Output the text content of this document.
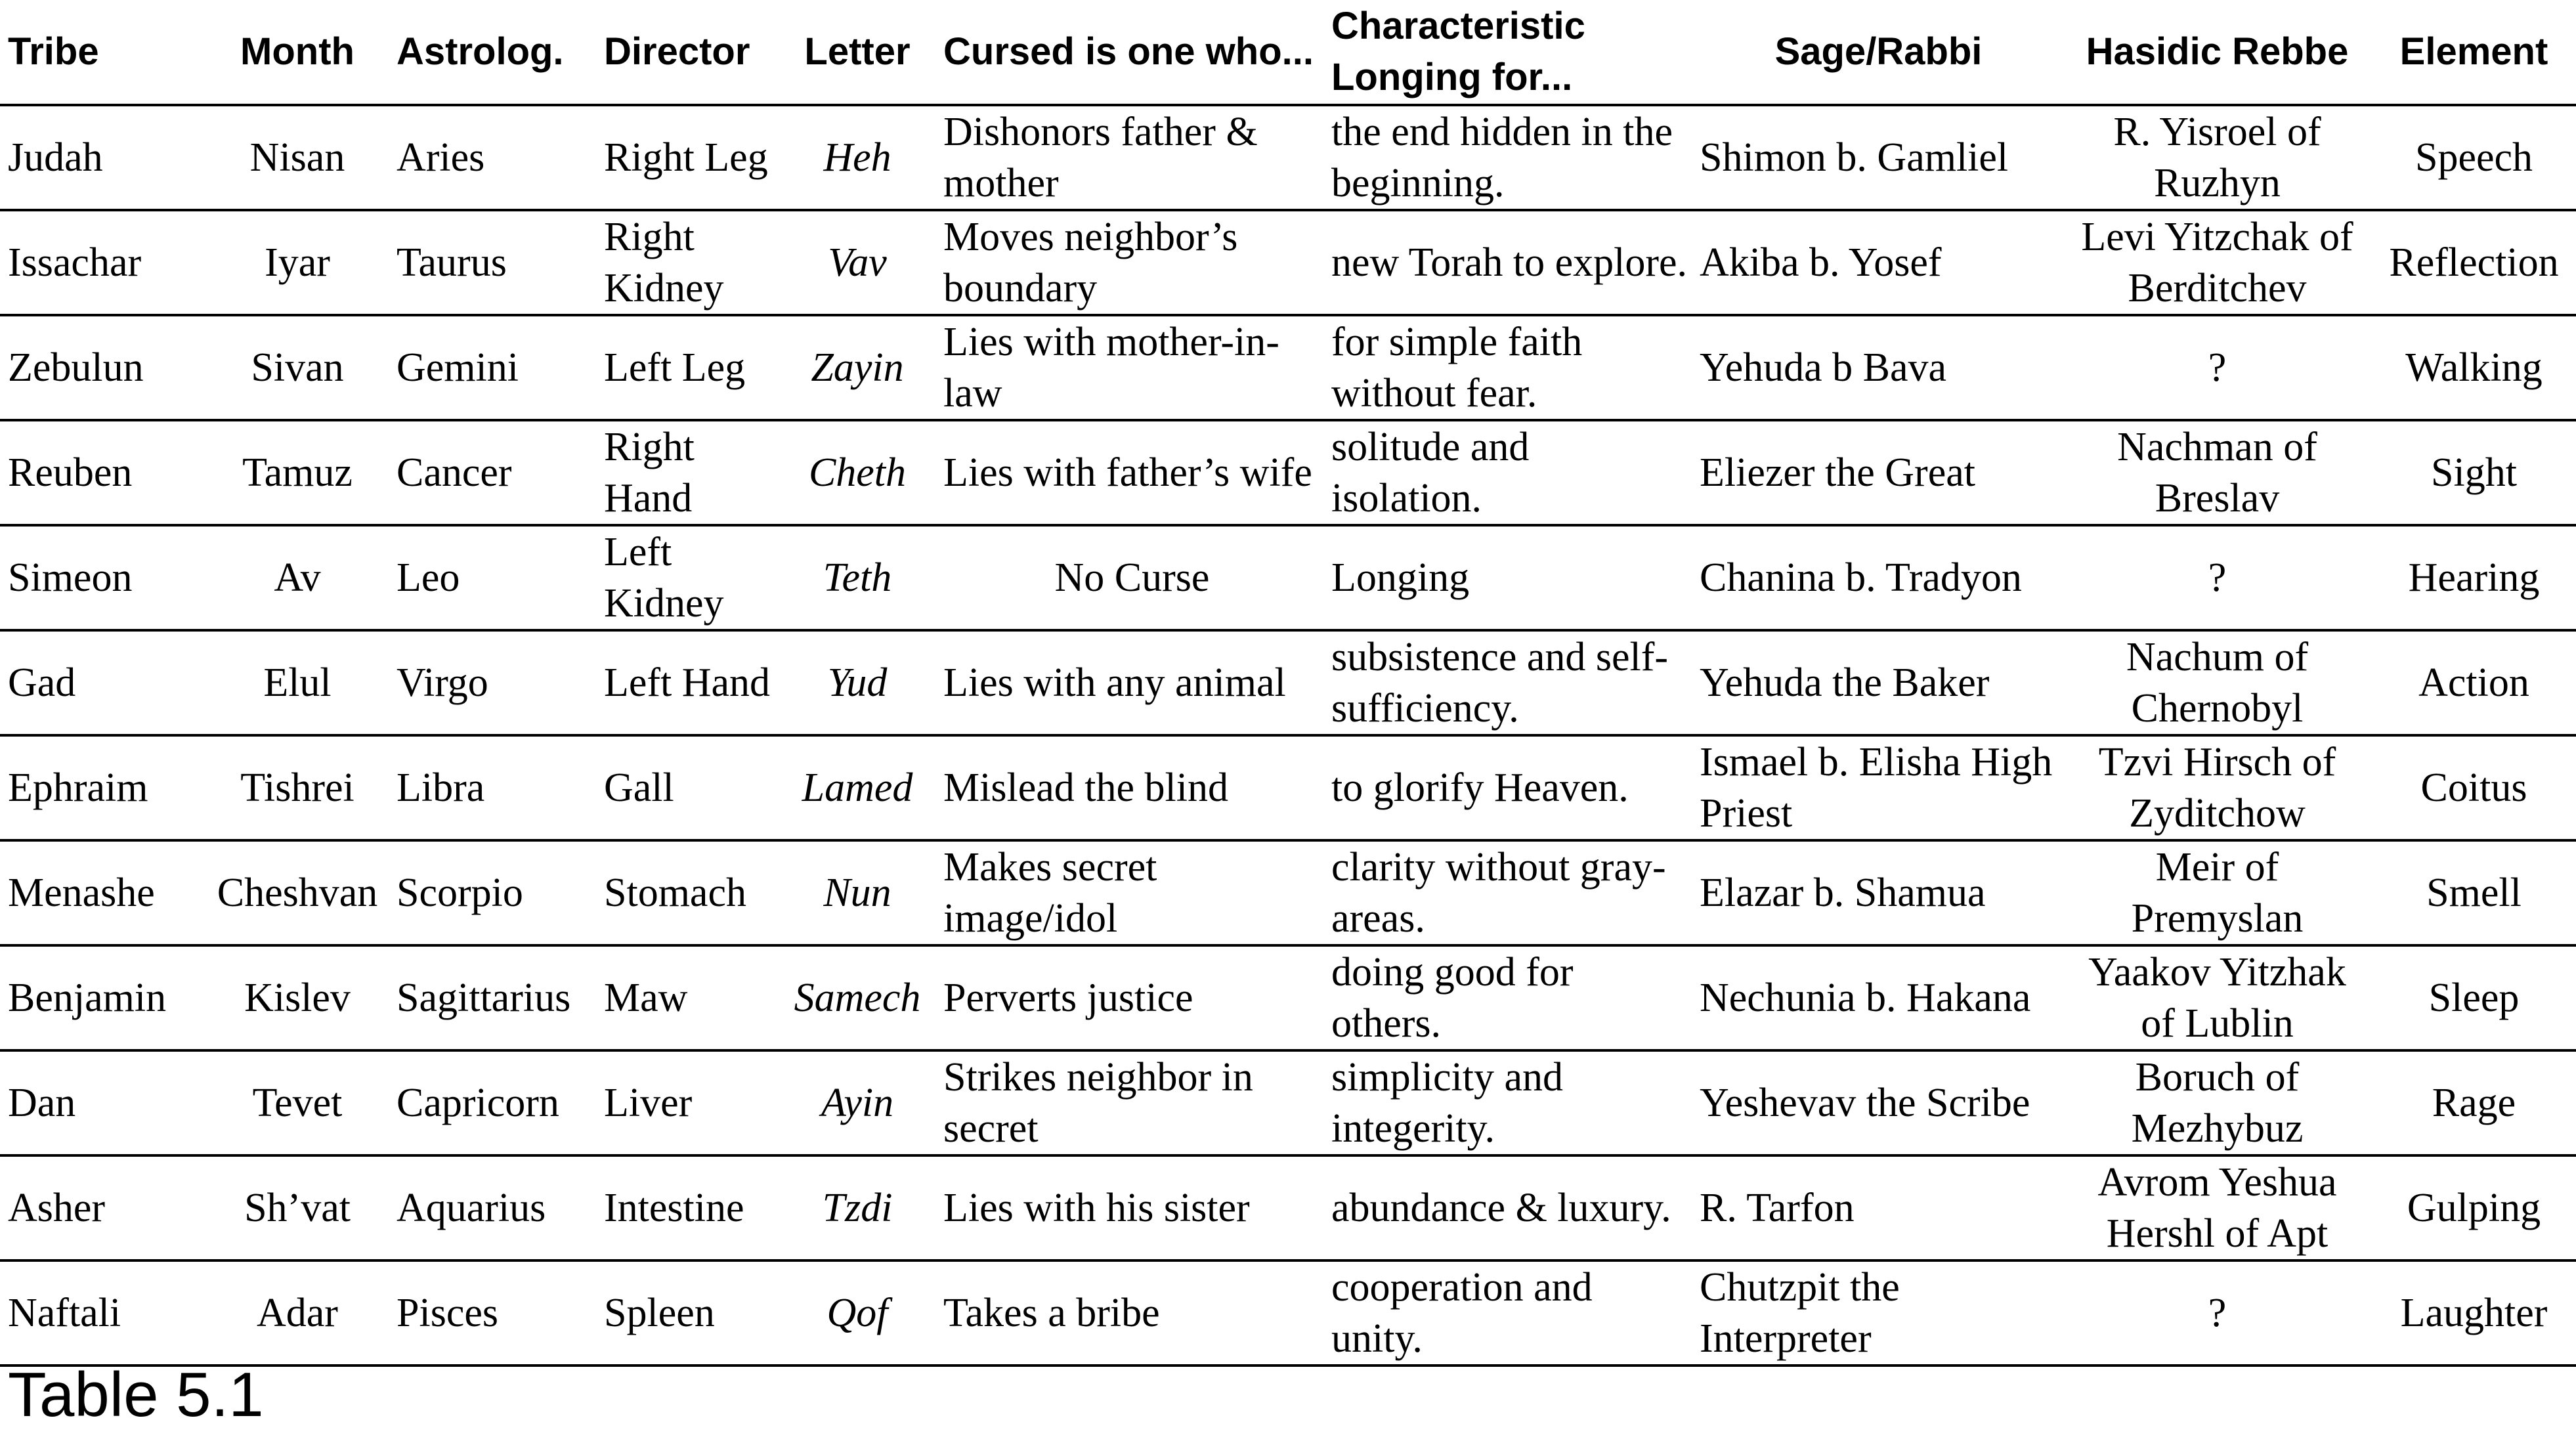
Tribe	Month	Astrolog.	Director	Letter	Cursed is one who...	Characteristic Longing for...	Sage/Rabbi	Hasidic Rebbe	Element
Judah	Nisan	Aries	Right Leg	Heh	Dishonors father & mother	the end hidden in the beginning.	Shimon b. Gamliel	R. Yisroel of Ruzhyn	Speech
Issachar	Iyar	Taurus	Right Kidney	Vav	Moves neighbor’s boundary	new Torah to explore.	Akiba b. Yosef	Levi Yitzchak of Berditchev	Reflection
Zebulun	Sivan	Gemini	Left Leg	Zayin	Lies with mother-in-law	for simple faith without fear.	Yehuda b Bava	?	Walking
Reuben	Tamuz	Cancer	Right Hand	Cheth	Lies with father’s wife	solitude and isolation.	Eliezer the Great	Nachman of Breslav	Sight
Simeon	Av	Leo	Left Kidney	Teth	No Curse	Longing	Chanina b. Tradyon	?	Hearing
Gad	Elul	Virgo	Left Hand	Yud	Lies with any animal	subsistence and self- sufficiency.	Yehuda the Baker	Nachum of Chernobyl	Action
Ephraim	Tishrei	Libra	Gall	Lamed	Mislead the blind	to glorify Heaven.	Ismael b. Elisha High Priest	Tzvi Hirsch of Zyditchow	Coitus
Menashe	Cheshvan	Scorpio	Stomach	Nun	Makes secret image/idol	clarity without gray-areas.	Elazar b. Shamua	Meir of Premyslan	Smell
Benjamin	Kislev	Sagittarius	Maw	Samech	Perverts justice	doing good for others.	Nechunia b. Hakana	Yaakov Yitzhak of Lublin	Sleep
Dan	Tevet	Capricorn	Liver	Ayin	Strikes neighbor in secret	simplicity and integerity.	Yeshevav the Scribe	Boruch of Mezhybuz	Rage
Asher	Sh’vat	Aquarius	Intestine	Tzdi	Lies with his sister	abundance & luxury.	R. Tarfon	Avrom Yeshua Hershl of Apt	Gulping
Naftali	Adar	Pisces	Spleen	Qof	Takes a bribe	cooperation and unity.	Chutzpit the Interpreter	?	Laughter
Table 5.1
